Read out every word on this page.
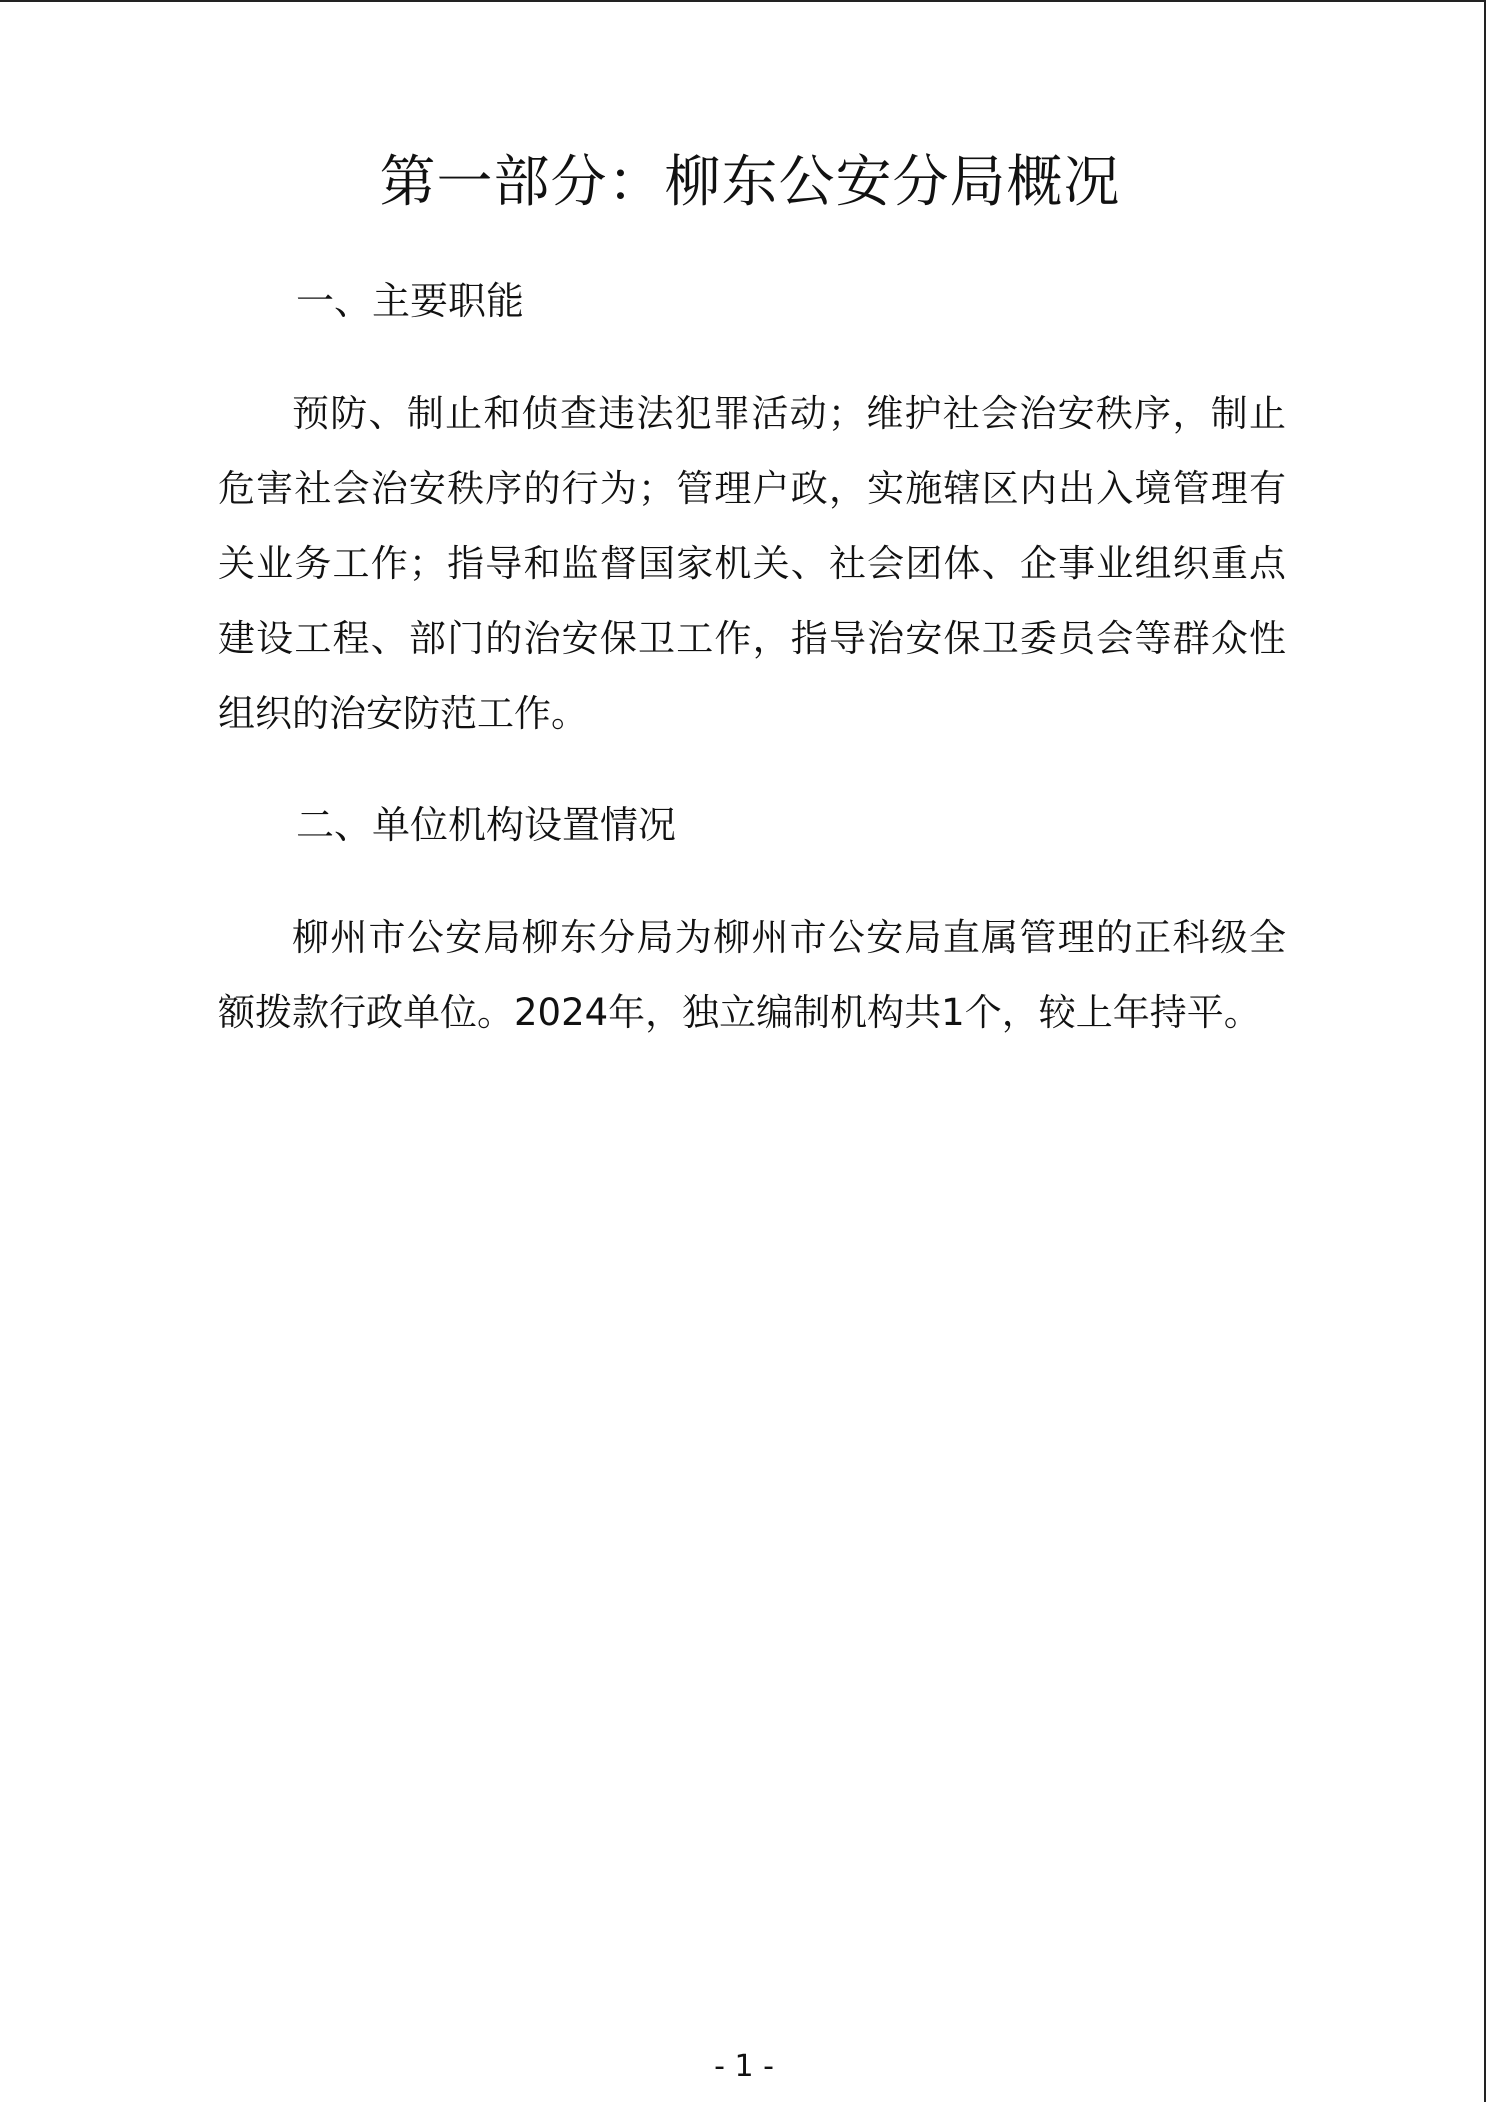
第一部分：柳东公安分局概况
一、主要职能

预防、制止和侦查违法犯罪活动；维护社会治安秩序，制止危害社会治安秩序的行为；管理户政，实施辖区内出入境管理有关业务工作；指导和监督国家机关、社会团体、企事业组织重点建设工程、部门的治安保卫工作，指导治安保卫委员会等群众性组织的治安防范工作。

二、单位机构设置情况

柳州市公安局柳东分局为柳州市公安局直属管理的正科级全额拨款行政单位。2024年，独立编制机构共1个，较上年持平。

- 1 -
